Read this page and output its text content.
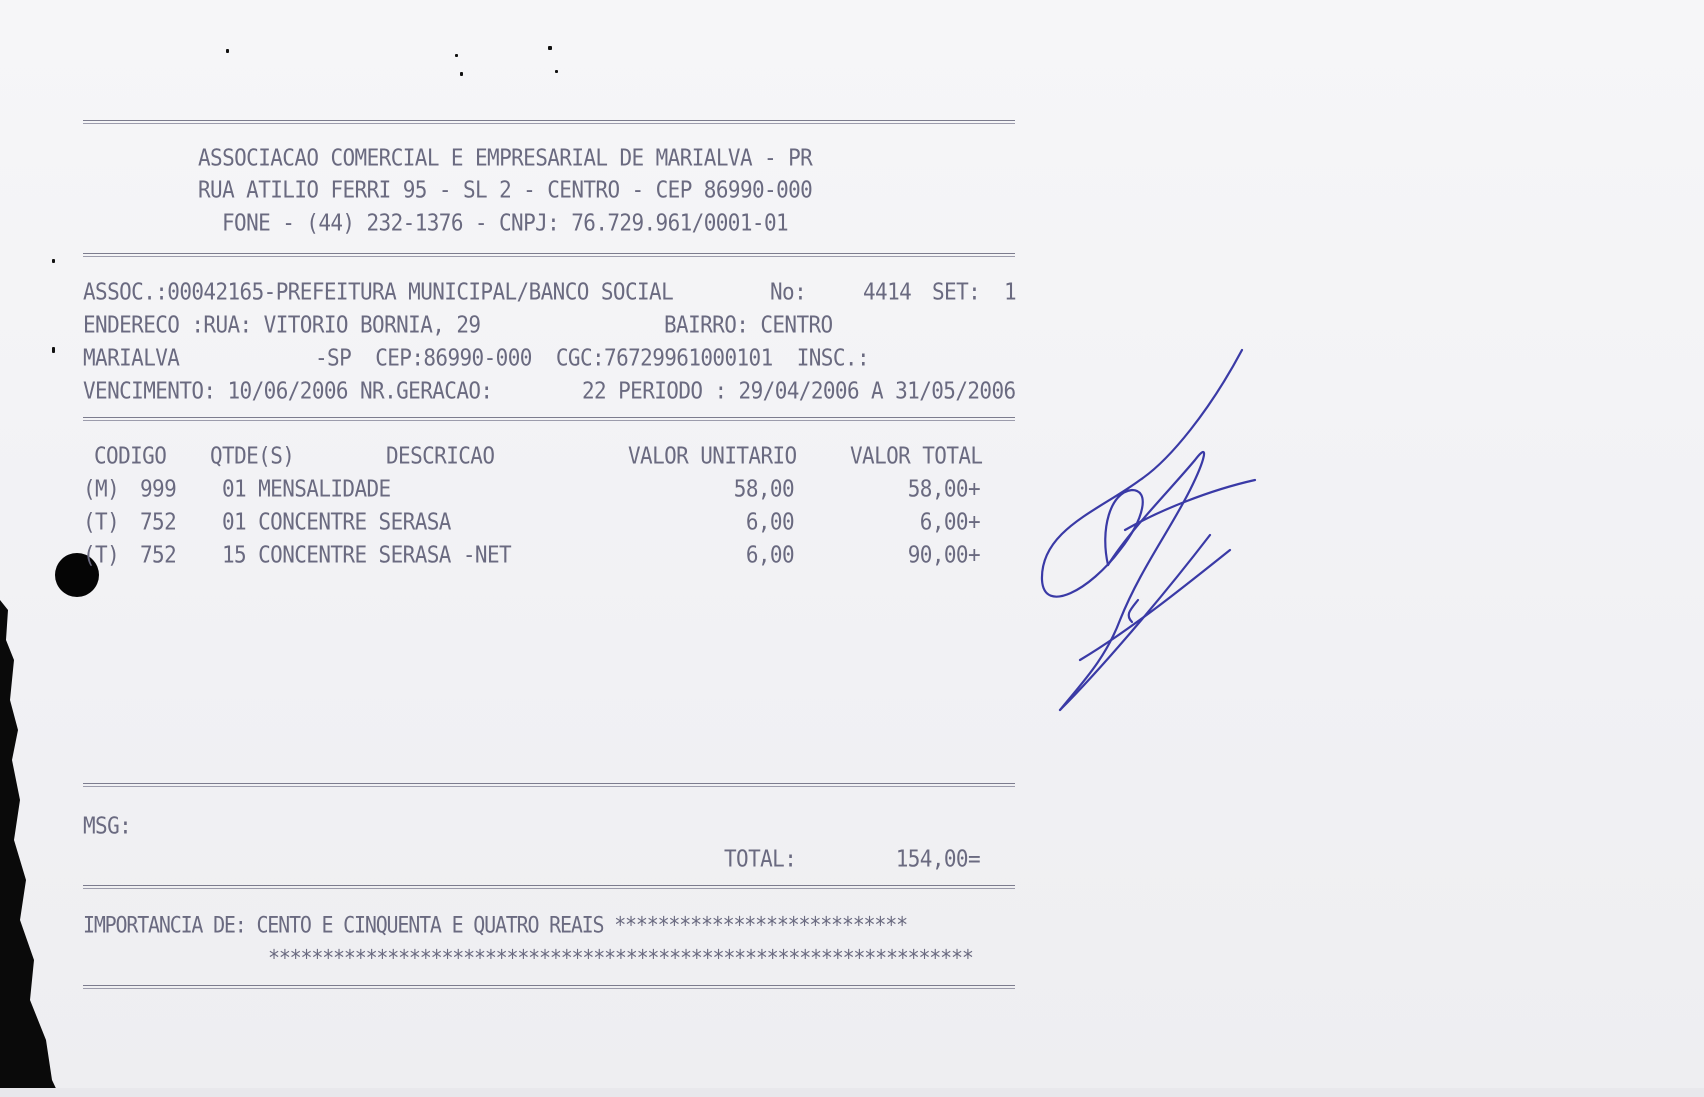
ASSOCIACAO COMERCIAL E EMPRESARIAL DE MARIALVA - PR
RUA ATILIO FERRI 95 - SL 2 - CENTRO - CEP 86990-000
FONE - (44) 232-1376 - CNPJ: 76.729.961/0001-01
ASSOC.:00042165-PREFEITURA MUNICIPAL/BANCO SOCIAL	No:	4414 SET: 1
ENDERECO :RUA: VITORIO BORNIA, 29	BAIRRO: CENTRO
MARIALVA	-SP  CEP:86990-000  CGC:76729961000101  INSC.:
VENCIMENTO: 10/06/2006 NR.GERACAO:	22 PERIODO : 29/04/2006 A 31/05/2006
CODIGO QTDE(S)	DESCRICAO	VALOR UNITARIO	VALOR TOTAL
(M) 999 01 MENSALIDADE	58,00	58,00+
(T) 752 01 CONCENTRE SERASA	6,00	6,00+
(T) 752 15 CONCENTRE SERASA -NET	6,00	90,00+
MSG:
TOTAL:	154,00=
IMPORTANCIA DE: CENTO E CINQUENTA E QUATRO REAIS ***************************
*****************************************************************
